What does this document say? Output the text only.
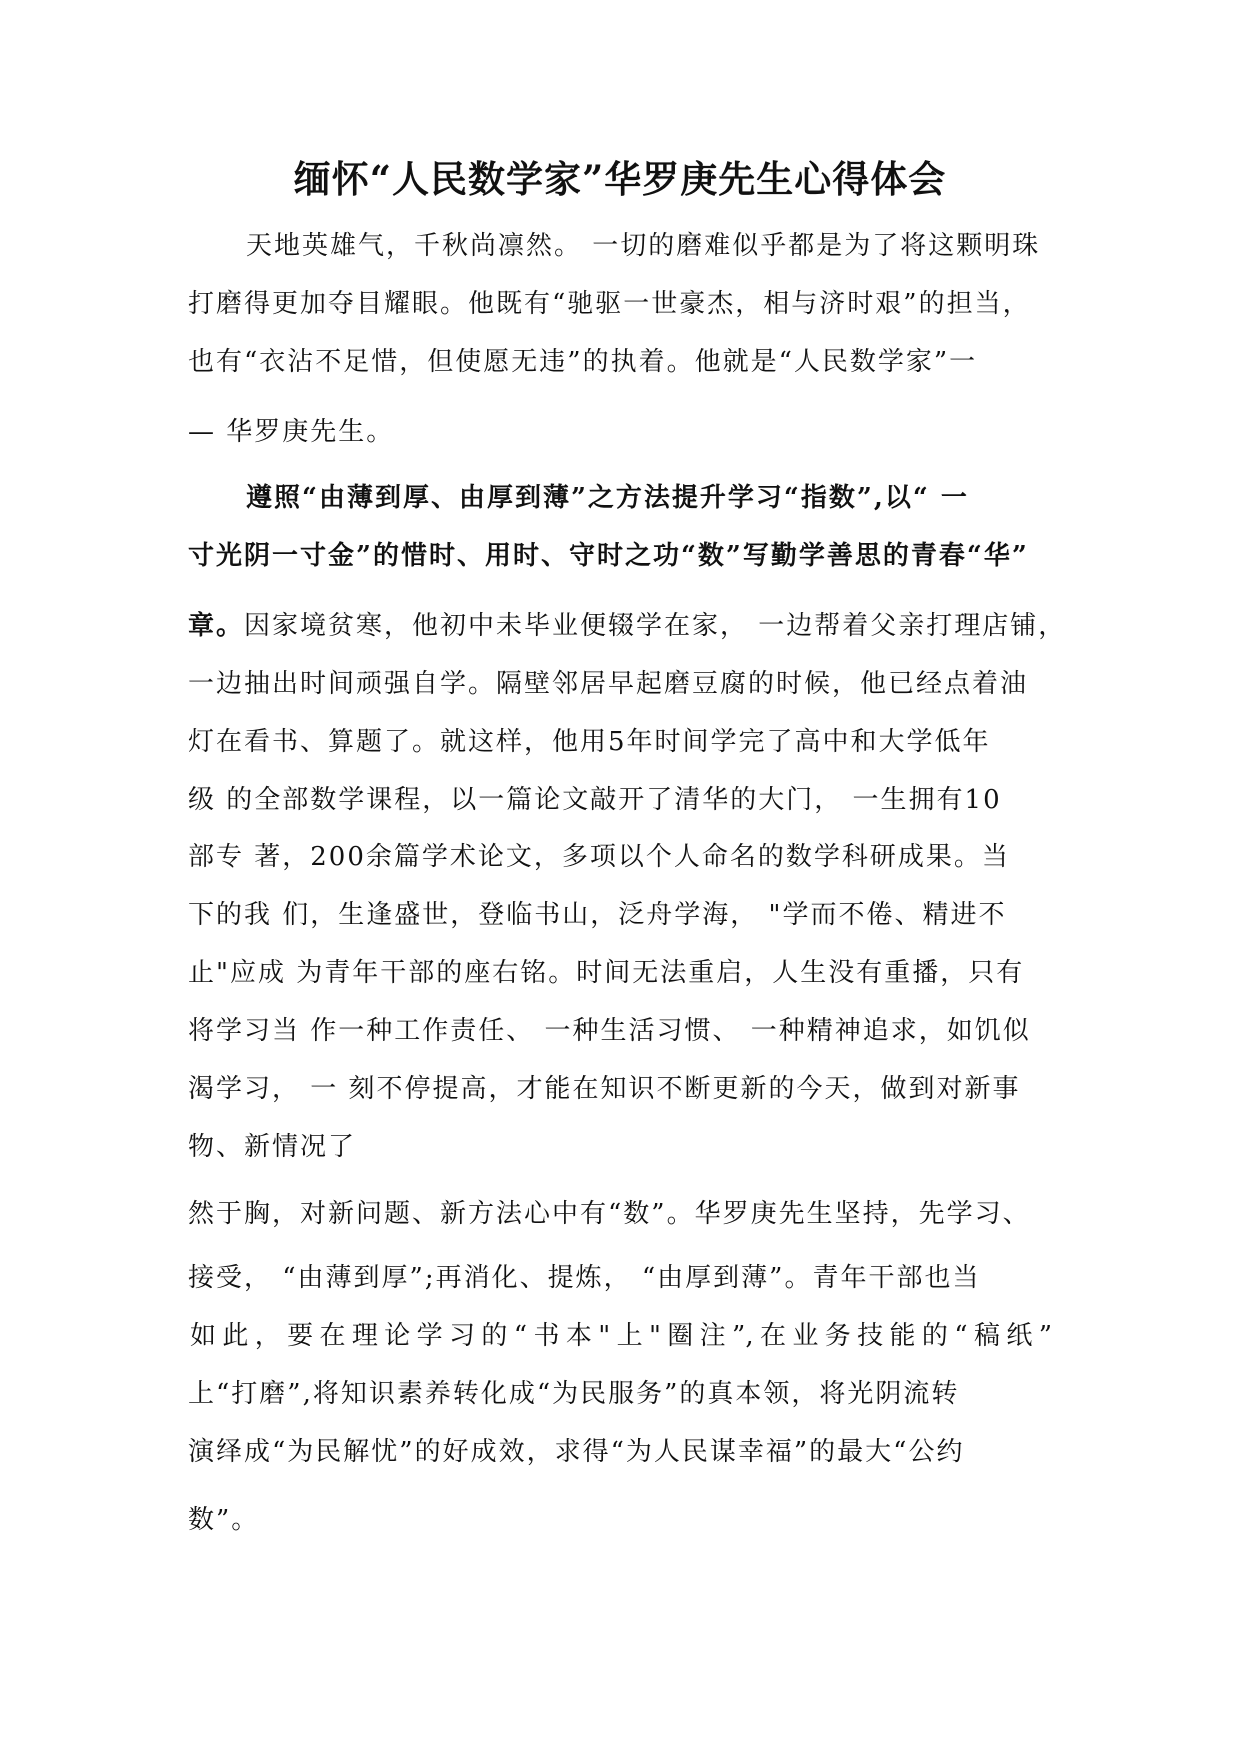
缅怀“人民数学家”华罗庚先生心得体会
天地英雄气，千秋尚凛然。 一切的磨难似乎都是为了将这颗明珠
打磨得更加夺目耀眼。他既有“驰驱一世豪杰，相与济时艰”的担当，
也有“衣沾不足惜，但使愿无违”的执着。他就是“人民数学家”一
— 华罗庚先生。
遵照“由薄到厚、由厚到薄”之方法提升学习“指数”,以“ 一
寸光阴一寸金”的惜时、用时、守时之功“数”写勤学善思的青春“华”
章。因家境贫寒，他初中未毕业便辍学在家， 一边帮着父亲打理店铺，
一边抽出时间顽强自学。隔壁邻居早起磨豆腐的时候，他已经点着油
灯在看书、算题了。就这样，他用5年时间学完了高中和大学低年
级 的全部数学课程，以一篇论文敲开了清华的大门， 一生拥有10
部专 著，200余篇学术论文，多项以个人命名的数学科研成果。当
下的我 们，生逢盛世，登临书山，泛舟学海， "学而不倦、精进不
止"应成 为青年干部的座右铭。时间无法重启，人生没有重播，只有
将学习当 作一种工作责任、 一种生活习惯、 一种精神追求，如饥似
渴学习， 一 刻不停提高，才能在知识不断更新的今天，做到对新事
物、新情况了
然于胸，对新问题、新方法心中有“数”。华罗庚先生坚持，先学习、
接受， “由薄到厚”;再消化、提炼， “由厚到薄”。青年干部也当
如此，要在理论学习的“书本"上"圈注”,在业务技能的“稿纸”
上“打磨”,将知识素养转化成“为民服务”的真本领，将光阴流转
演绎成“为民解忧”的好成效，求得“为人民谋幸福”的最大“公约
数”。
